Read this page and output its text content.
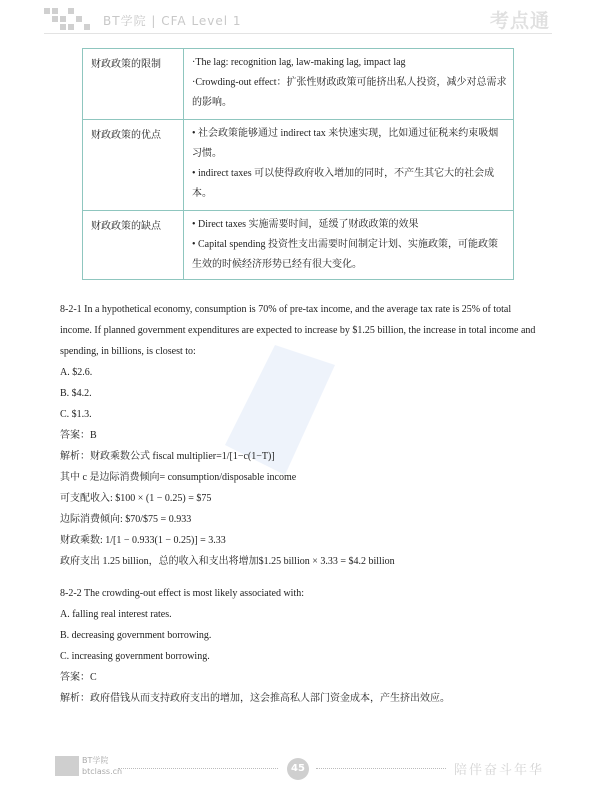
BT学院 | CFA Level 1	考点通
财政政策的限制	·The lag: recognition lag, law-making lag, impact lag
·Crowding-out effect：扩张性财政政策可能挤出私人投资，减少对总需求的影响。

财政政策的优点	• 社会政策能够通过 indirect tax 来快速实现，比如通过征税来约束吸烟习惯。
• indirect taxes 可以使得政府收入增加的同时，不产生其它大的社会成本。

财政政策的缺点	• Direct taxes 实施需要时间，延缓了财政政策的效果
• Capital spending 投资性支出需要时间制定计划、实施政策，可能政策生效的时候经济形势已经有很大变化。

8-2-1 In a hypothetical economy, consumption is 70% of pre-tax income, and the average tax rate is 25% of total income. If planned government expenditures are expected to increase by $1.25 billion, the increase in total income and spending, in billions, is closest to:

A. $2.6.

B. $4.2.

C. $1.3.

答案：B

解析：财政乘数公式 fiscal multiplier=1/[1−c(1−T)]

其中 c 是边际消费倾向= consumption/disposable income

可支配收入: $100 × (1 − 0.25) = $75

边际消费倾向: $70/$75 = 0.933

财政乘数: 1/[1 − 0.933(1 − 0.25)] = 3.33

政府支出 1.25 billion，总的收入和支出将增加$1.25 billion × 3.33 = $4.2 billion

8-2-2 The crowding-out effect is most likely associated with:

A. falling real interest rates.

B. decreasing government borrowing.

C. increasing government borrowing.

答案：C

解析：政府借钱从而支持政府支出的增加，这会推高私人部门资金成本，产生挤出效应。

BT学院
btclass.cn	45	陪伴奋斗年华
